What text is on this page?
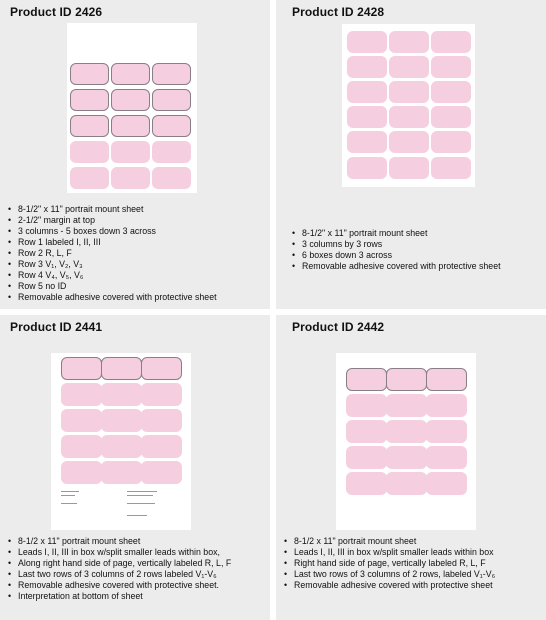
Product ID 2426
• 8-1/2" x 11" portrait mount sheet
• 2-1/2" margin at top
• 3 columns - 5 boxes down 3 across
• Row 1 labeled I, II, III
• Row 2 R, L, F
• Row 3 V₁, V₂, V₃
• Row 4 V₄, V₅, V₆
• Row 5 no ID
• Removable adhesive covered with protective sheet
Product ID 2428
• 8-1/2" x 11" portrait mount sheet
• 3 columns by 3 rows
• 6 boxes down 3 across
• Removable adhesive covered with protective sheet
Product ID 2441
• 8-1/2 x 11" portrait mount sheet
• Leads I, II, III in box w/split smaller leads within box,
• Along right hand side of page, vertically labeled R, L, F
• Last two rows of 3 columns of 2 rows labeled V₁-V₆
• Removable adhesive covered with protective sheet.
• Interpretation at bottom of sheet
Product ID 2442
• 8-1/2 x 11" portrait mount sheet
• Leads I, II, III in box w/split smaller leads within box
• Right hand side of page, vertically labeled R, L, F
• Last two rows of 3 columns of 2 rows, labeled V₁-V₆
• Removable adhesive covered with protective sheet
